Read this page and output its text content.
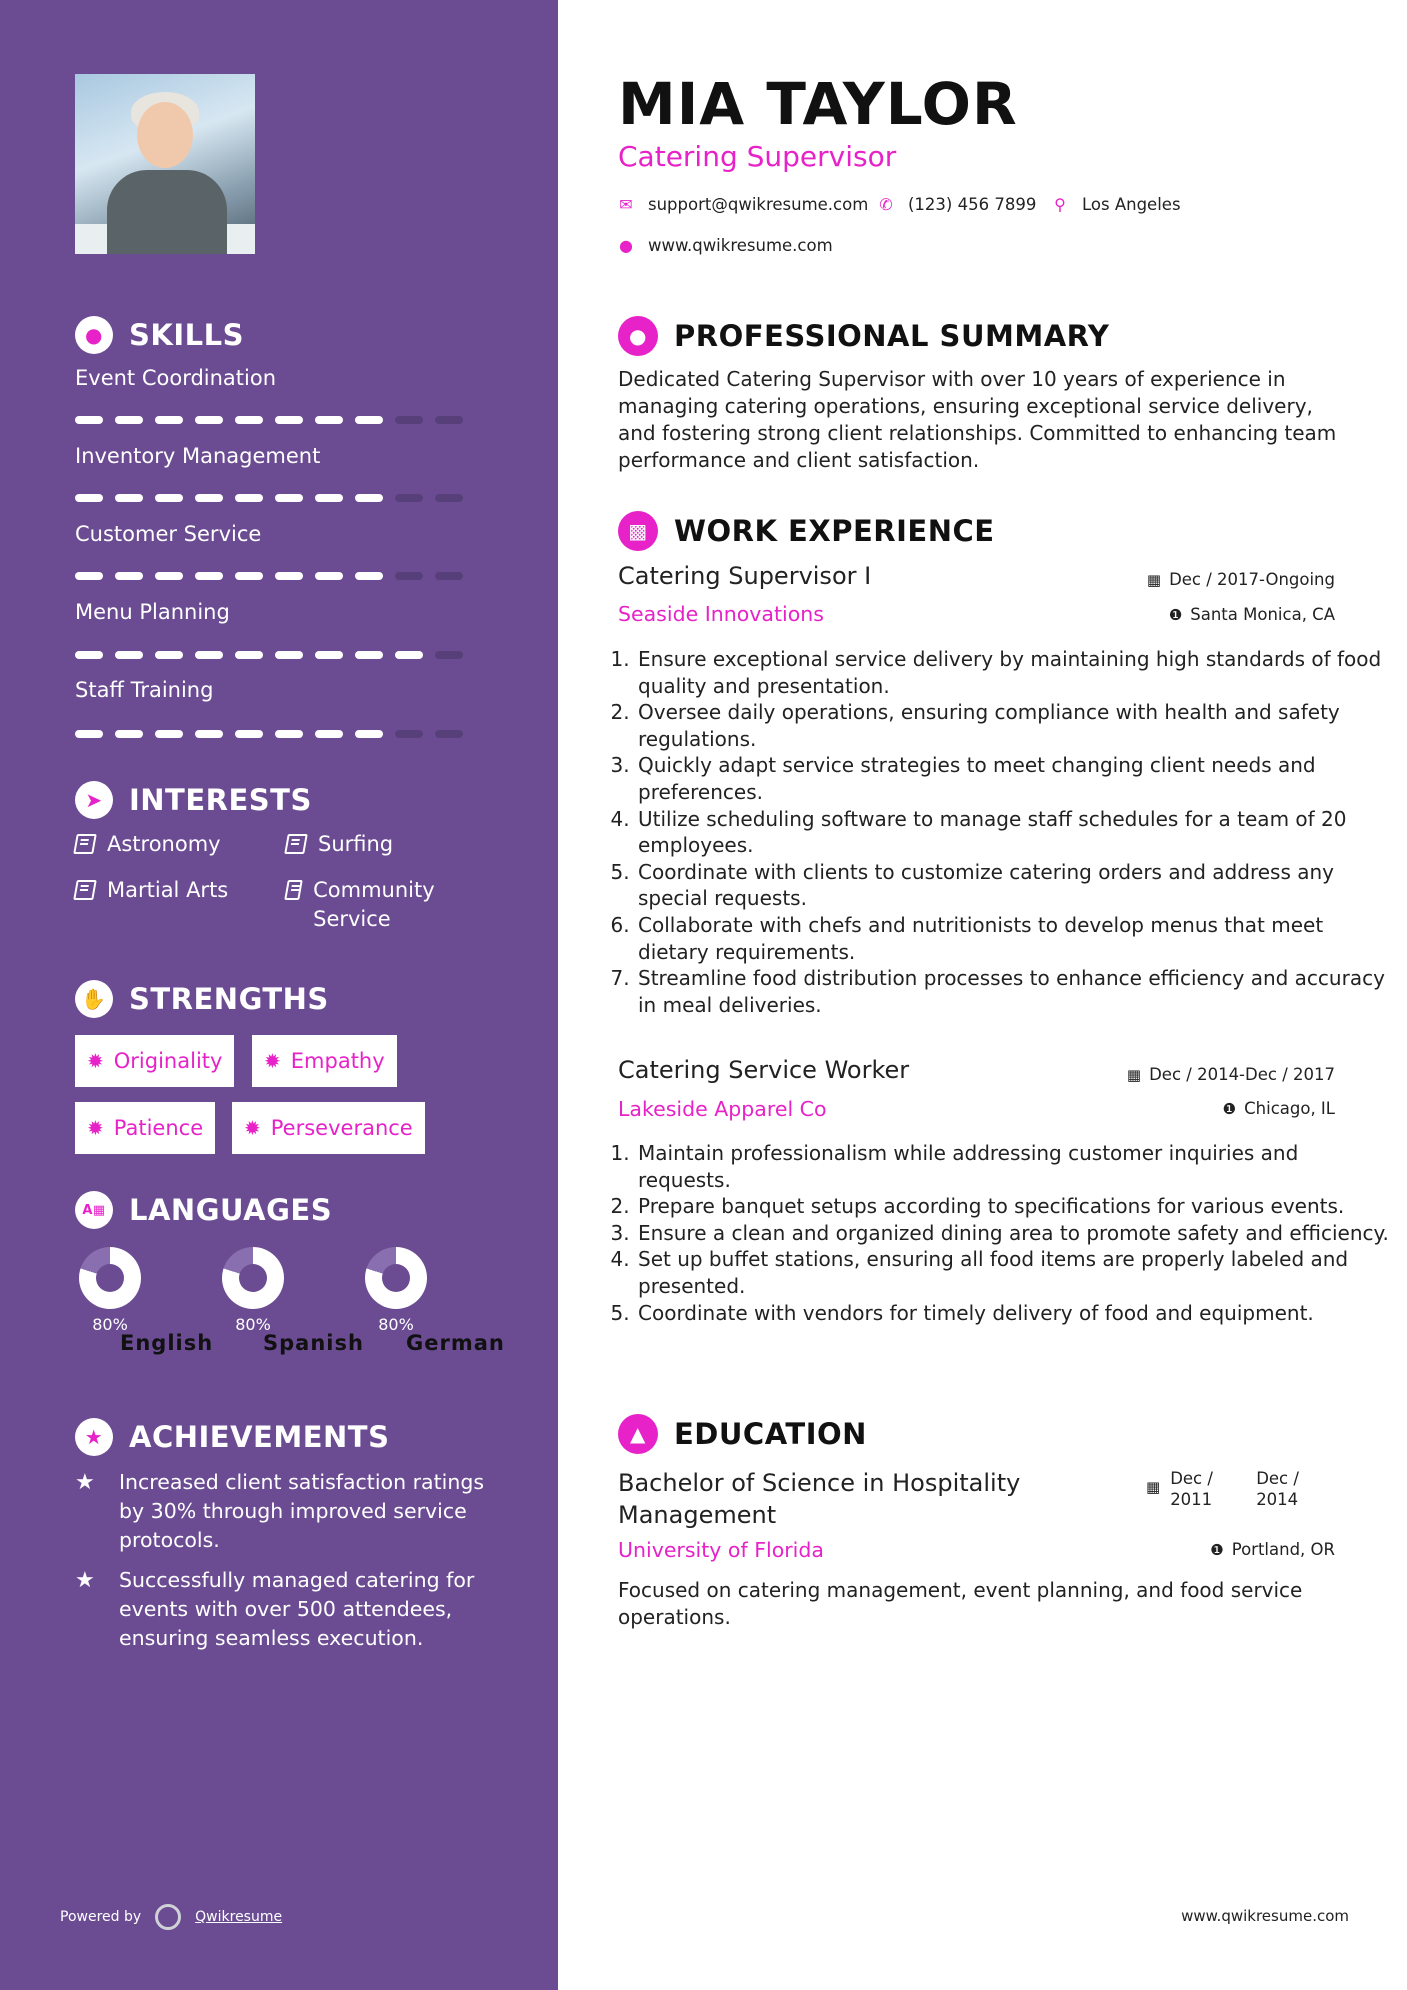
● SKILLS
Event Coordination
Inventory Management
Customer Service
Menu Planning
Staff Training
➤ INTERESTS
Astronomy	Surfing
Martial Arts	Community Service
✋ STRENGTHS
✹ Originality ✹ Empathy
✹ Patience ✹ Perseverance
A▦ LANGUAGES
English
80%
Spanish
80%
German
80%
★ ACHIEVEMENTS
★	Increased client satisfaction ratings by 30% through improved service protocols.
★	Successfully managed catering for events with over 500 attendees, ensuring seamless execution.
Powered by	Qwikresume
MIA TAYLOR
Catering Supervisor
✉ support@qwikresume.com ✆ (123) 456 7899 ⚲ Los Angeles
● www.qwikresume.com
● PROFESSIONAL SUMMARY
Dedicated Catering Supervisor with over 10 years of experience in managing catering operations, ensuring exceptional service delivery, and fostering strong client relationships. Committed to enhancing team performance and client satisfaction.
▩ WORK EXPERIENCE
Catering Supervisor I	▦ Dec / 2017-Ongoing
Seaside Innovations	❶ Santa Monica, CA
1. Ensure exceptional service delivery by maintaining high standards of food quality and presentation.
2. Oversee daily operations, ensuring compliance with health and safety regulations.
3. Quickly adapt service strategies to meet changing client needs and preferences.
4. Utilize scheduling software to manage staff schedules for a team of 20 employees.
5. Coordinate with clients to customize catering orders and address any special requests.
6. Collaborate with chefs and nutritionists to develop menus that meet dietary requirements.
7. Streamline food distribution processes to enhance efficiency and accuracy in meal deliveries.
Catering Service Worker	▦ Dec / 2014-Dec / 2017
Lakeside Apparel Co	❶ Chicago, IL
1. Maintain professionalism while addressing customer inquiries and requests.
2. Prepare banquet setups according to specifications for various events.
3. Ensure a clean and organized dining area to promote safety and efficiency.
4. Set up buffet stations, ensuring all food items are properly labeled and presented.
5. Coordinate with vendors for timely delivery of food and equipment.
▲ EDUCATION
Bachelor of Science in Hospitality Management
▦ Dec / 2011
Dec / 2014
University of Florida	❶ Portland, OR
Focused on catering management, event planning, and food service operations.
www.qwikresume.com
